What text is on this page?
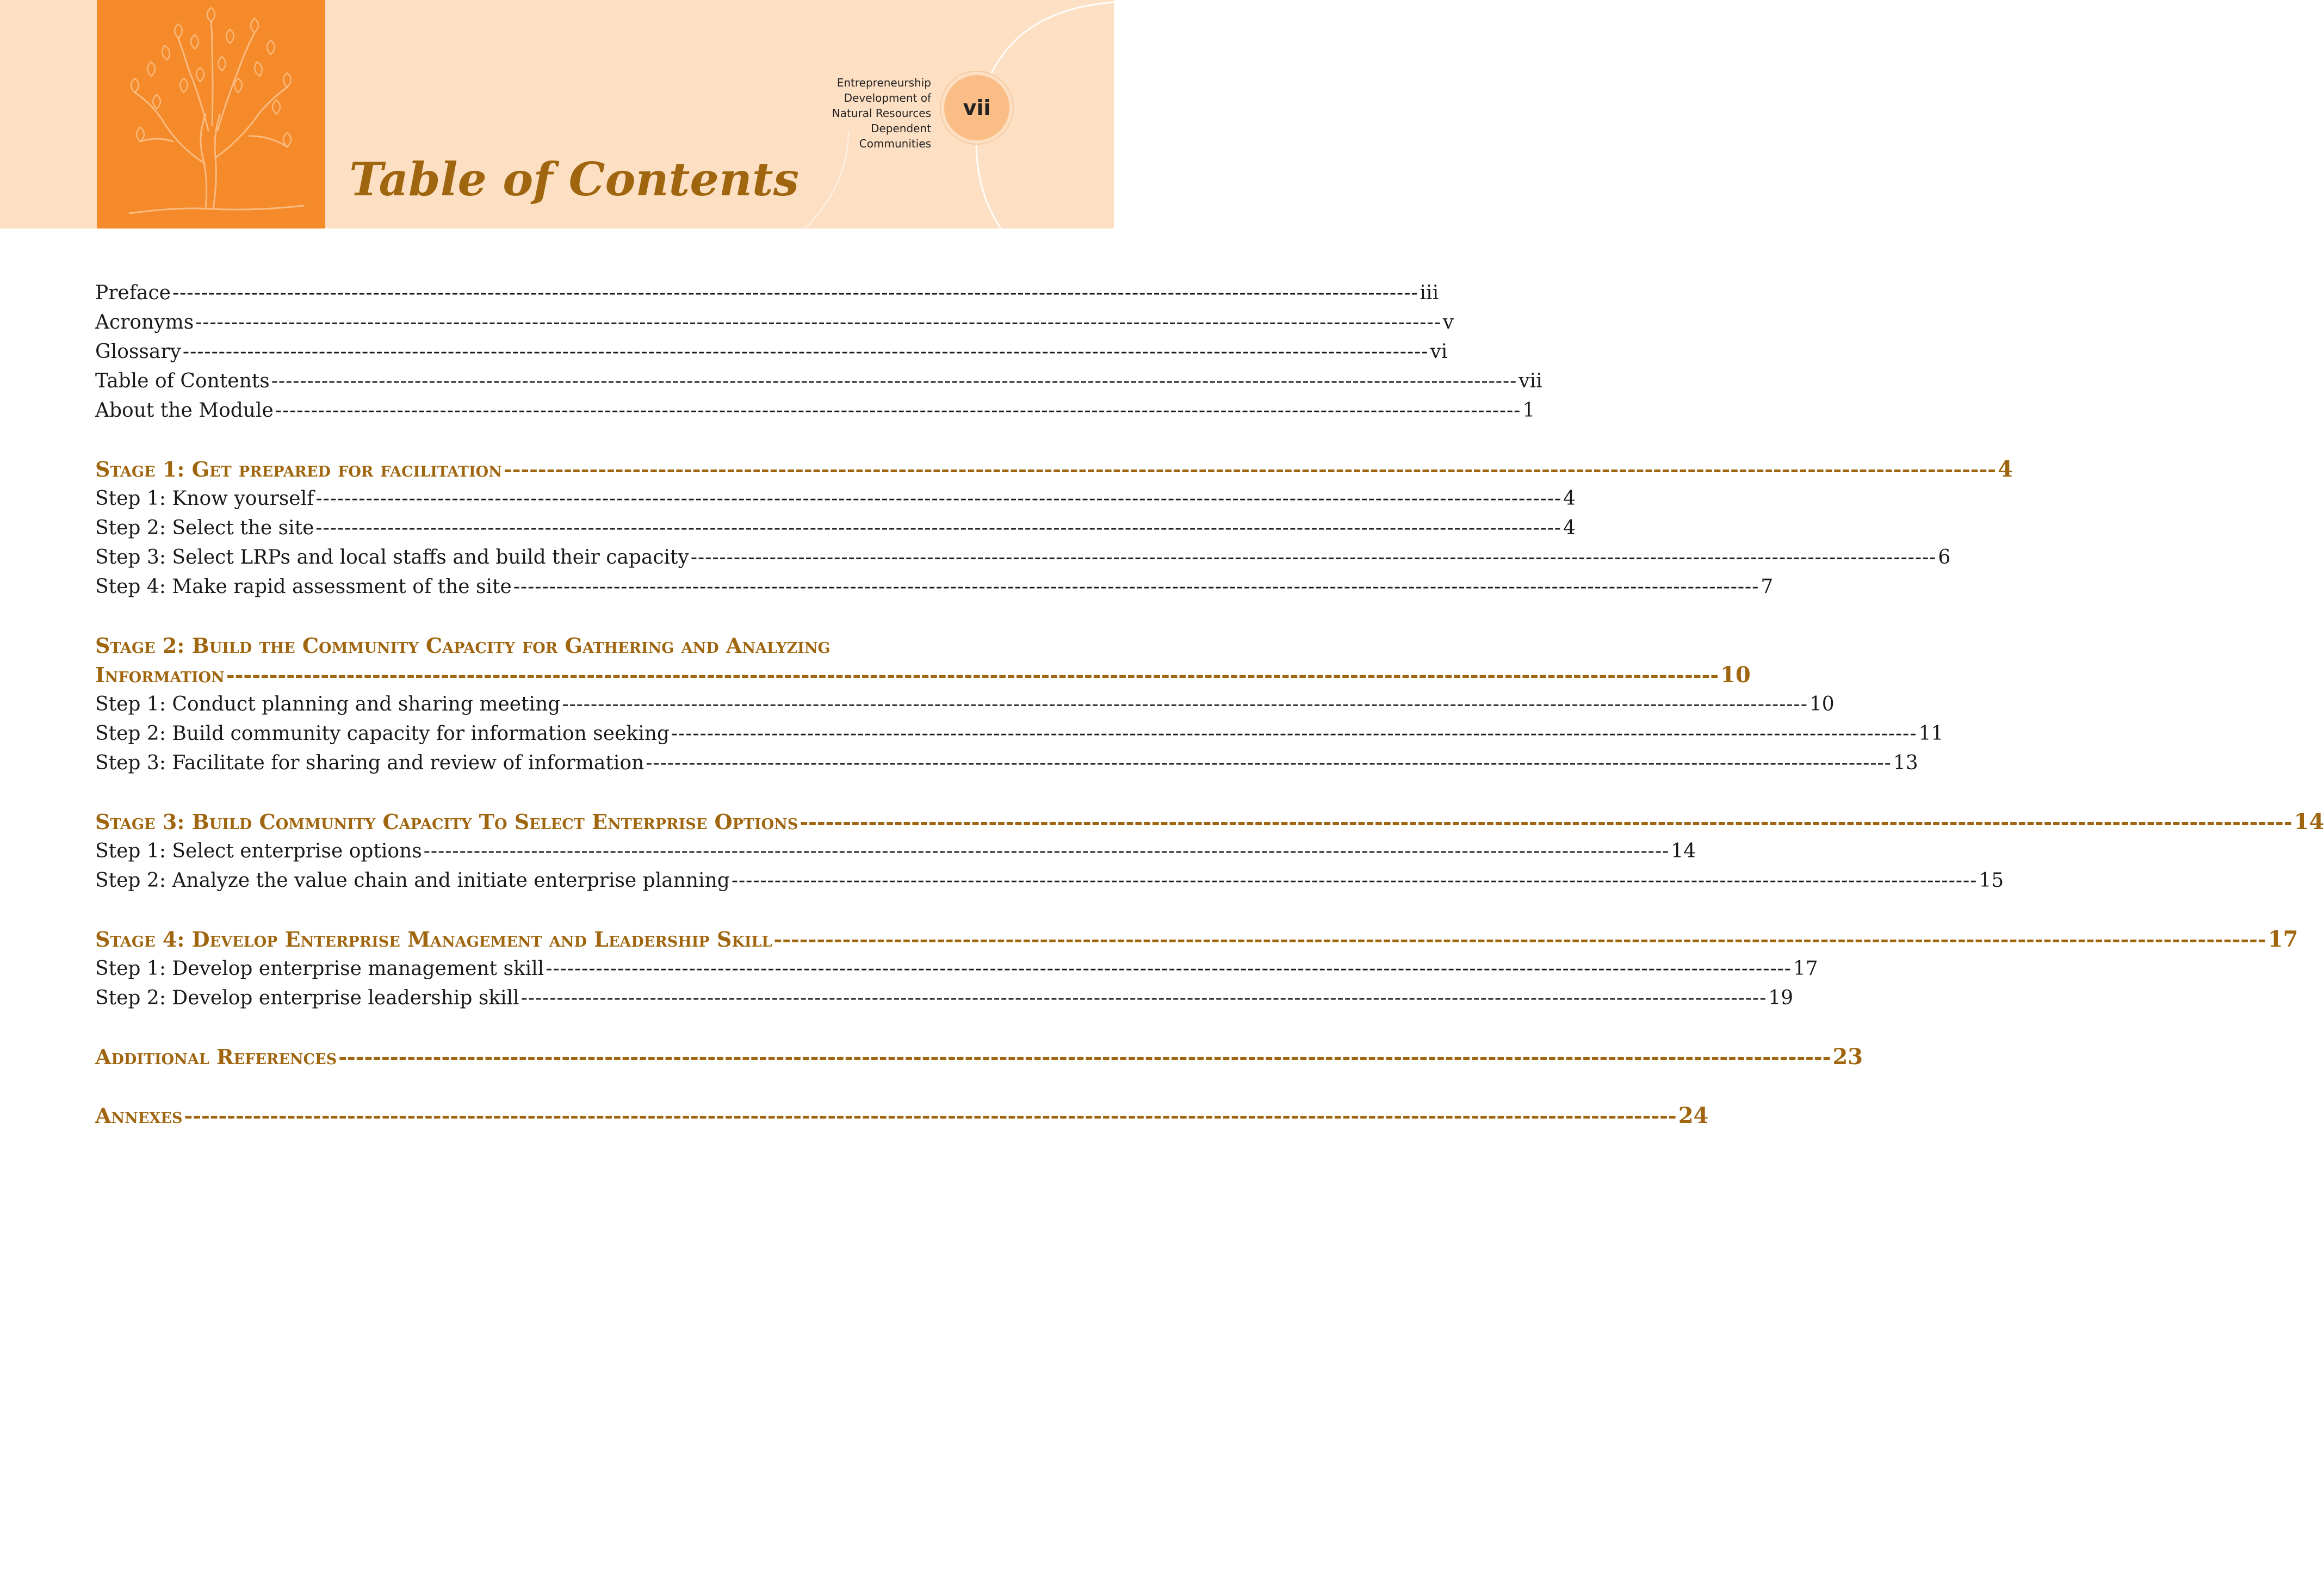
Entrepreneurship
Development of
Natural Resources
Dependent
Communities
vii
Table of Contents
Preface ------------------------------------------------------------------------------------------------------------------------------------------------------------------------------ iii
Acronyms ------------------------------------------------------------------------------------------------------------------------------------------------------------------------------ v
Glossary ------------------------------------------------------------------------------------------------------------------------------------------------------------------------------ vi
Table of Contents ------------------------------------------------------------------------------------------------------------------------------------------------------------------------------ vii
About the Module ------------------------------------------------------------------------------------------------------------------------------------------------------------------------------ 1
Stage 1: Get prepared for facilitation ------------------------------------------------------------------------------------------------------------------------------------------------------------------------------ 4
Step 1: Know yourself ------------------------------------------------------------------------------------------------------------------------------------------------------------------------------ 4
Step 2: Select the site ------------------------------------------------------------------------------------------------------------------------------------------------------------------------------ 4
Step 3: Select LRPs and local staffs and build their capacity ------------------------------------------------------------------------------------------------------------------------------------------------------------------------------ 6
Step 4: Make rapid assessment of the site ------------------------------------------------------------------------------------------------------------------------------------------------------------------------------ 7
Stage 2: Build the Community Capacity for Gathering and Analyzing
Information ------------------------------------------------------------------------------------------------------------------------------------------------------------------------------ 10
Step 1: Conduct planning and sharing meeting ------------------------------------------------------------------------------------------------------------------------------------------------------------------------------ 10
Step 2: Build community capacity for information seeking ------------------------------------------------------------------------------------------------------------------------------------------------------------------------------ 11
Step 3: Facilitate for sharing and review of information ------------------------------------------------------------------------------------------------------------------------------------------------------------------------------ 13
Stage 3: Build Community Capacity To Select Enterprise Options ------------------------------------------------------------------------------------------------------------------------------------------------------------------------------ 14
Step 1: Select enterprise options ------------------------------------------------------------------------------------------------------------------------------------------------------------------------------ 14
Step 2: Analyze the value chain and initiate enterprise planning ------------------------------------------------------------------------------------------------------------------------------------------------------------------------------ 15
Stage 4: Develop Enterprise Management and Leadership Skill ------------------------------------------------------------------------------------------------------------------------------------------------------------------------------ 17
Step 1: Develop enterprise management skill ------------------------------------------------------------------------------------------------------------------------------------------------------------------------------ 17
Step 2: Develop enterprise leadership skill ------------------------------------------------------------------------------------------------------------------------------------------------------------------------------ 19
Additional References ------------------------------------------------------------------------------------------------------------------------------------------------------------------------------ 23
Annexes ------------------------------------------------------------------------------------------------------------------------------------------------------------------------------ 24
